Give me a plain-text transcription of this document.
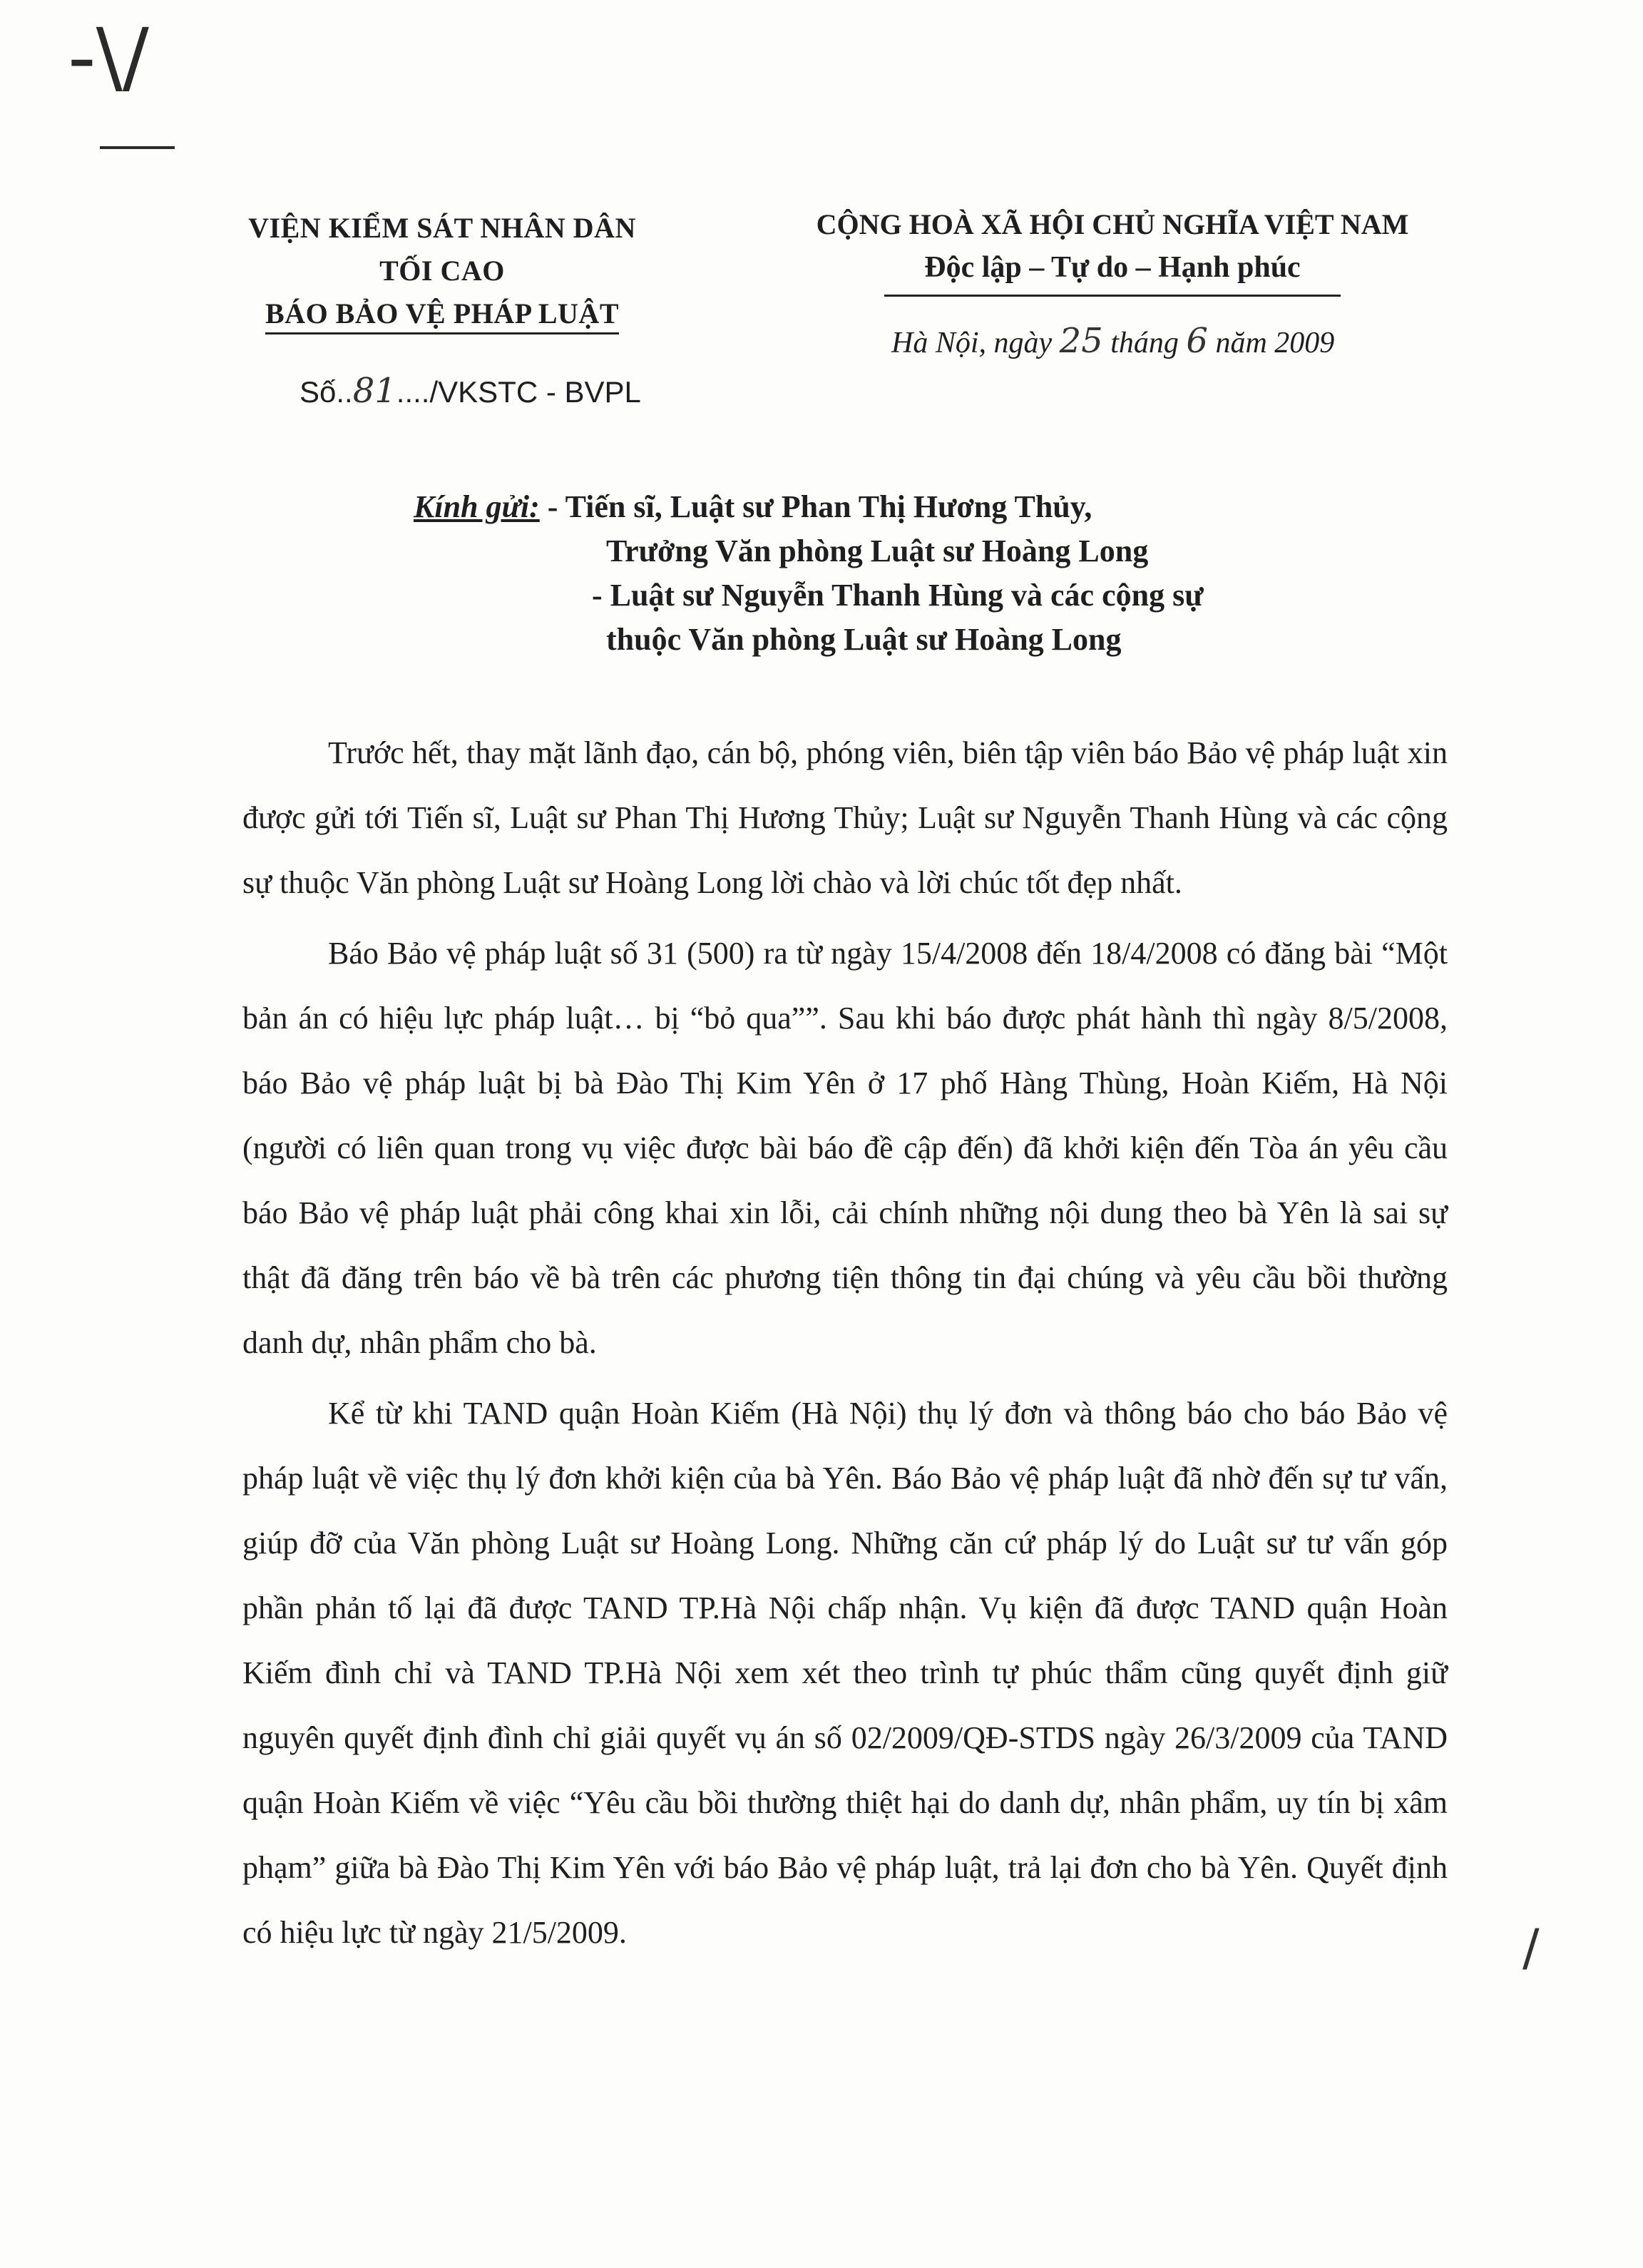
-\/
VIỆN KIỂM SÁT NHÂN DÂN
TỐI CAO
BÁO BẢO VỆ PHÁP LUẬT
CỘNG HOÀ XÃ HỘI CHỦ NGHĨA VIỆT NAM
Độc lập – Tự do – Hạnh phúc
Hà Nội, ngày 25 tháng 6 năm 2009
Số..81..../VKSTC - BVPL
Kính gửi: - Tiến sĩ, Luật sư Phan Thị Hương Thủy,
Trưởng Văn phòng Luật sư Hoàng Long
- Luật sư Nguyễn Thanh Hùng và các cộng sự
thuộc Văn phòng Luật sư Hoàng Long

Trước hết, thay mặt lãnh đạo, cán bộ, phóng viên, biên tập viên báo Bảo vệ pháp luật xin được gửi tới Tiến sĩ, Luật sư Phan Thị Hương Thủy; Luật sư Nguyễn Thanh Hùng và các cộng sự thuộc Văn phòng Luật sư Hoàng Long lời chào và lời chúc tốt đẹp nhất.

Báo Bảo vệ pháp luật số 31 (500) ra từ ngày 15/4/2008 đến 18/4/2008 có đăng bài “Một bản án có hiệu lực pháp luật… bị “bỏ qua””. Sau khi báo được phát hành thì ngày 8/5/2008, báo Bảo vệ pháp luật bị bà Đào Thị Kim Yên ở 17 phố Hàng Thùng, Hoàn Kiếm, Hà Nội (người có liên quan trong vụ việc được bài báo đề cập đến) đã khởi kiện đến Tòa án yêu cầu báo Bảo vệ pháp luật phải công khai xin lỗi, cải chính những nội dung theo bà Yên là sai sự thật đã đăng trên báo về bà trên các phương tiện thông tin đại chúng và yêu cầu bồi thường danh dự, nhân phẩm cho bà.

Kể từ khi TAND quận Hoàn Kiếm (Hà Nội) thụ lý đơn và thông báo cho báo Bảo vệ pháp luật về việc thụ lý đơn khởi kiện của bà Yên. Báo Bảo vệ pháp luật đã nhờ đến sự tư vấn, giúp đỡ của Văn phòng Luật sư Hoàng Long. Những căn cứ pháp lý do Luật sư tư vấn góp phần phản tố lại đã được TAND TP.Hà Nội chấp nhận. Vụ kiện đã được TAND quận Hoàn Kiếm đình chỉ và TAND TP.Hà Nội xem xét theo trình tự phúc thẩm cũng quyết định giữ nguyên quyết định đình chỉ giải quyết vụ án số 02/2009/QĐ-STDS ngày 26/3/2009 của TAND quận Hoàn Kiếm về việc “Yêu cầu bồi thường thiệt hại do danh dự, nhân phẩm, uy tín bị xâm phạm” giữa bà Đào Thị Kim Yên với báo Bảo vệ pháp luật, trả lại đơn cho bà Yên. Quyết định có hiệu lực từ ngày 21/5/2009.	/
